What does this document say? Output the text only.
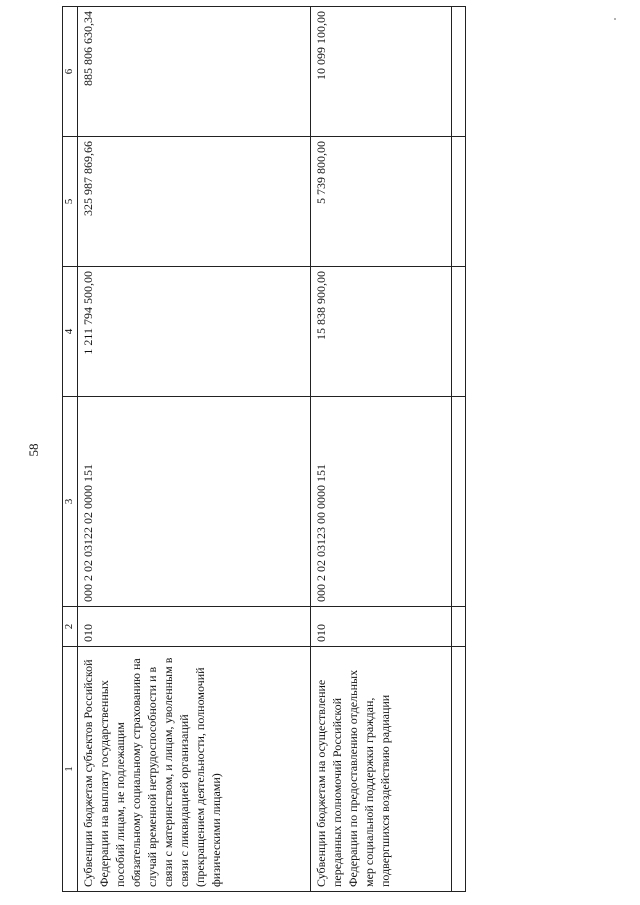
58
1	2	3	4	5	6
Субвенции бюджетам субъектов Российской Федерации на выплату государственных пособий лицам, не подлежащим обязательному социальному страхованию на случай временной нетрудоспособности и в связи с материнством, и лицам, уволенным в связи с ликвидацией организаций (прекращением деятельности, полномочий физическими лицами)	010	000 2 02 03122 02 0000 151	1 211 794 500,00	325 987 869,66	885 806 630,34
Субвенции бюджетам на осуществление переданных полномочий Российской Федерации по предоставлению отдельных мер социальной поддержки граждан, подвергшихся воздействию радиации	010	000 2 02 03123 00 0000 151	15 838 900,00	5 739 800,00	10 099 100,00
